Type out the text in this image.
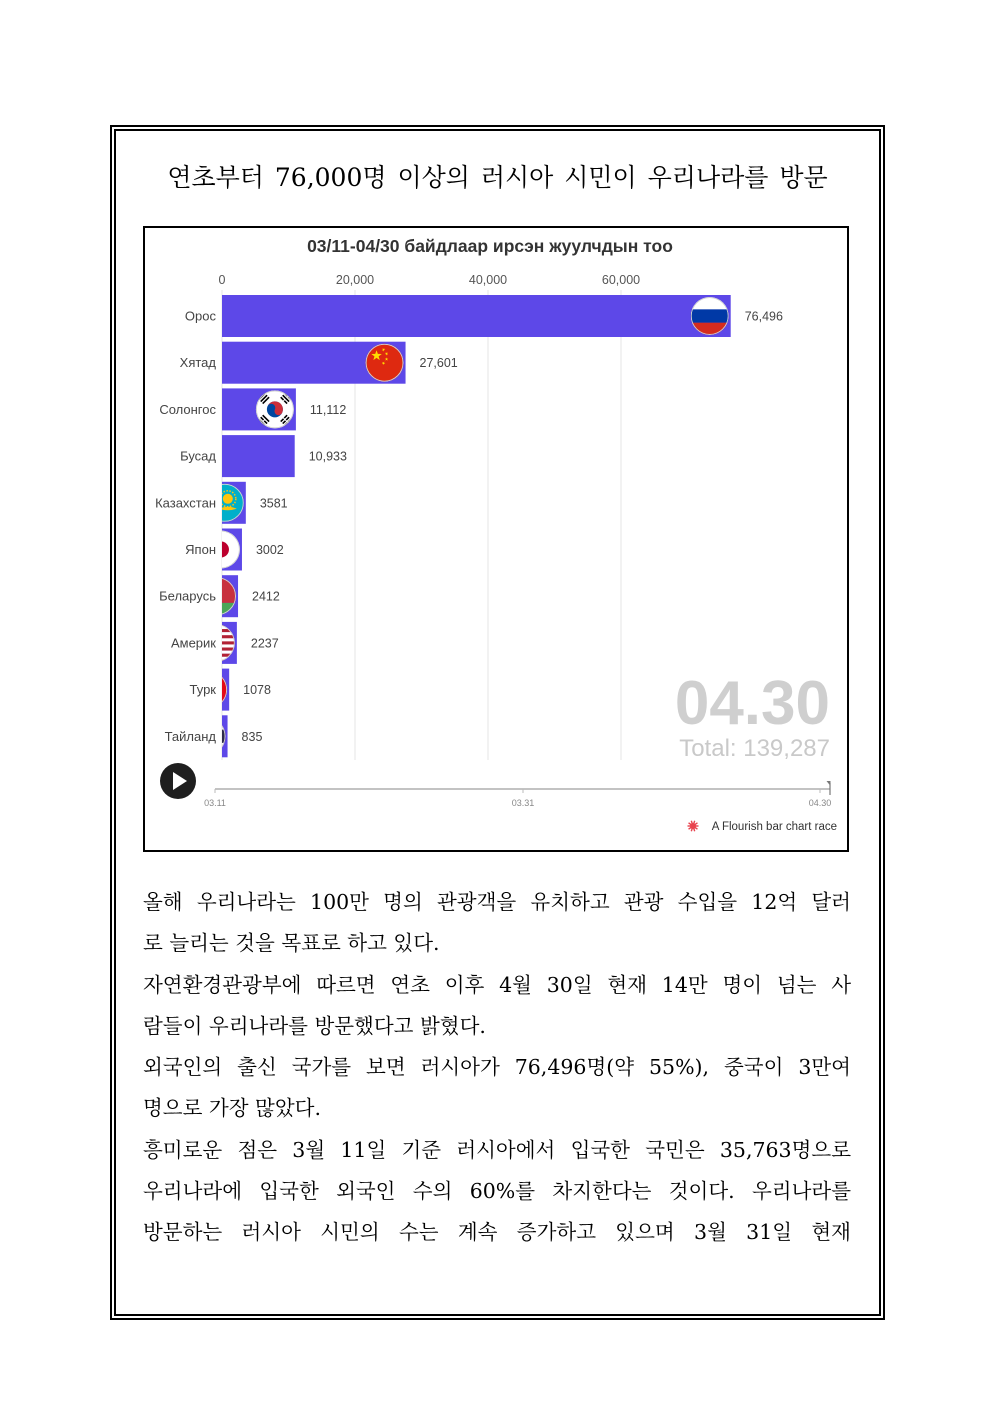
연초부터 76,000명 이상의 러시아 시민이 우리나라를 방문
03/11-04/30 байдлаар ирсэн жуулчдын тоо
0	20,000	40,000	60,000
Орос	76,496
Хятад	27,601
Солонгос	11,112
Бусад	10,933
Казахстан	3581
Япон	3002
Беларусь	2412
Америк	2237
Турк 1078
Тайланд 835	04.30
Total: 139,287
03.11	03.31	04.30
A Flourish bar chart race

올해 우리나라는 100만 명의 관광객을 유치하고 관광 수입을 12억 달러
로 늘리는 것을 목표로 하고 있다.

자연환경관광부에 따르면 연초 이후 4월 30일 현재 14만 명이 넘는 사
람들이 우리나라를 방문했다고 밝혔다.

외국인의 출신 국가를 보면 러시아가 76,496명(약 55%), 중국이 3만여
명으로 가장 많았다.

흥미로운 점은 3월 11일 기준 러시아에서 입국한 국민은 35,763명으로
우리나라에 입국한 외국인 수의 60%를 차지한다는 것이다. 우리나라를
방문하는 러시아 시민의 수는 계속 증가하고 있으며 3월 31일 현재
